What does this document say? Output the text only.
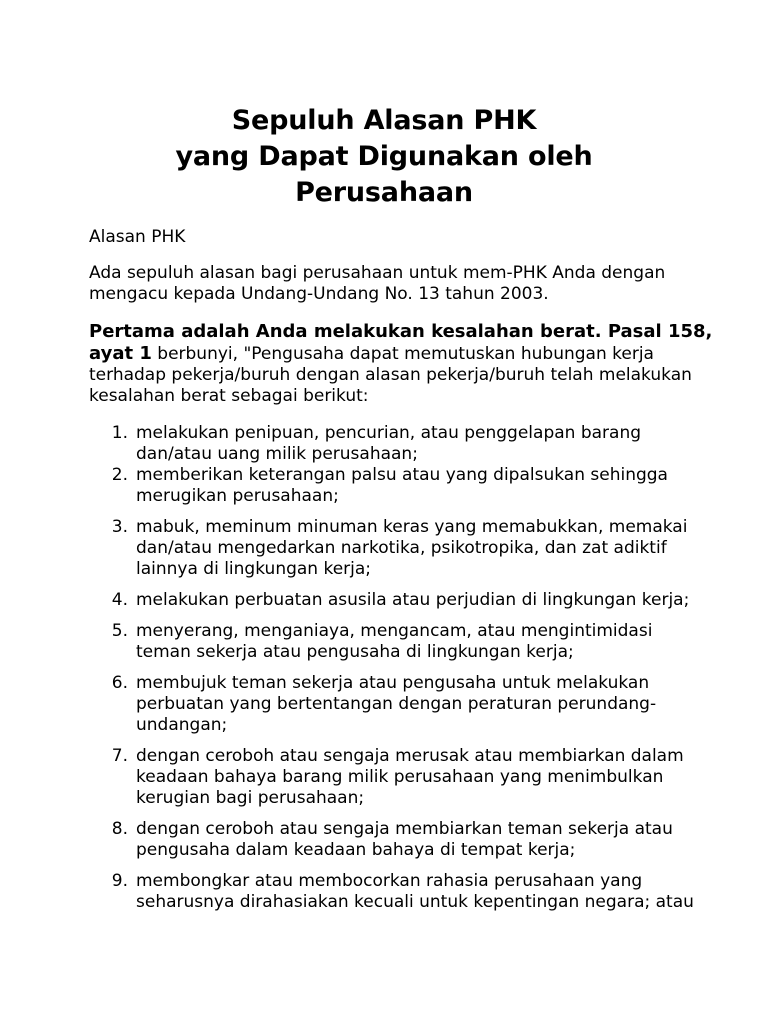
Sepuluh Alasan PHK
yang Dapat Digunakan oleh
Perusahaan
Alasan PHK

Ada sepuluh alasan bagi perusahaan untuk mem-PHK Anda dengan
mengacu kepada Undang-Undang No. 13 tahun 2003.

Pertama adalah Anda melakukan kesalahan berat. Pasal 158,
ayat 1 berbunyi, "Pengusaha dapat memutuskan hubungan kerja
terhadap pekerja/buruh dengan alasan pekerja/buruh telah melakukan
kesalahan berat sebagai berikut:

1. melakukan penipuan, pencurian, atau penggelapan barang
dan/atau uang milik perusahaan;
2. memberikan keterangan palsu atau yang dipalsukan sehingga
merugikan perusahaan;
3. mabuk, meminum minuman keras yang memabukkan, memakai
dan/atau mengedarkan narkotika, psikotropika, dan zat adiktif
lainnya di lingkungan kerja;
4. melakukan perbuatan asusila atau perjudian di lingkungan kerja;
5. menyerang, menganiaya, mengancam, atau mengintimidasi
teman sekerja atau pengusaha di lingkungan kerja;
6. membujuk teman sekerja atau pengusaha untuk melakukan
perbuatan yang bertentangan dengan peraturan perundang-
undangan;
7. dengan ceroboh atau sengaja merusak atau membiarkan dalam
keadaan bahaya barang milik perusahaan yang menimbulkan
kerugian bagi perusahaan;
8. dengan ceroboh atau sengaja membiarkan teman sekerja atau
pengusaha dalam keadaan bahaya di tempat kerja;
9. membongkar atau membocorkan rahasia perusahaan yang
seharusnya dirahasiakan kecuali untuk kepentingan negara; atau
